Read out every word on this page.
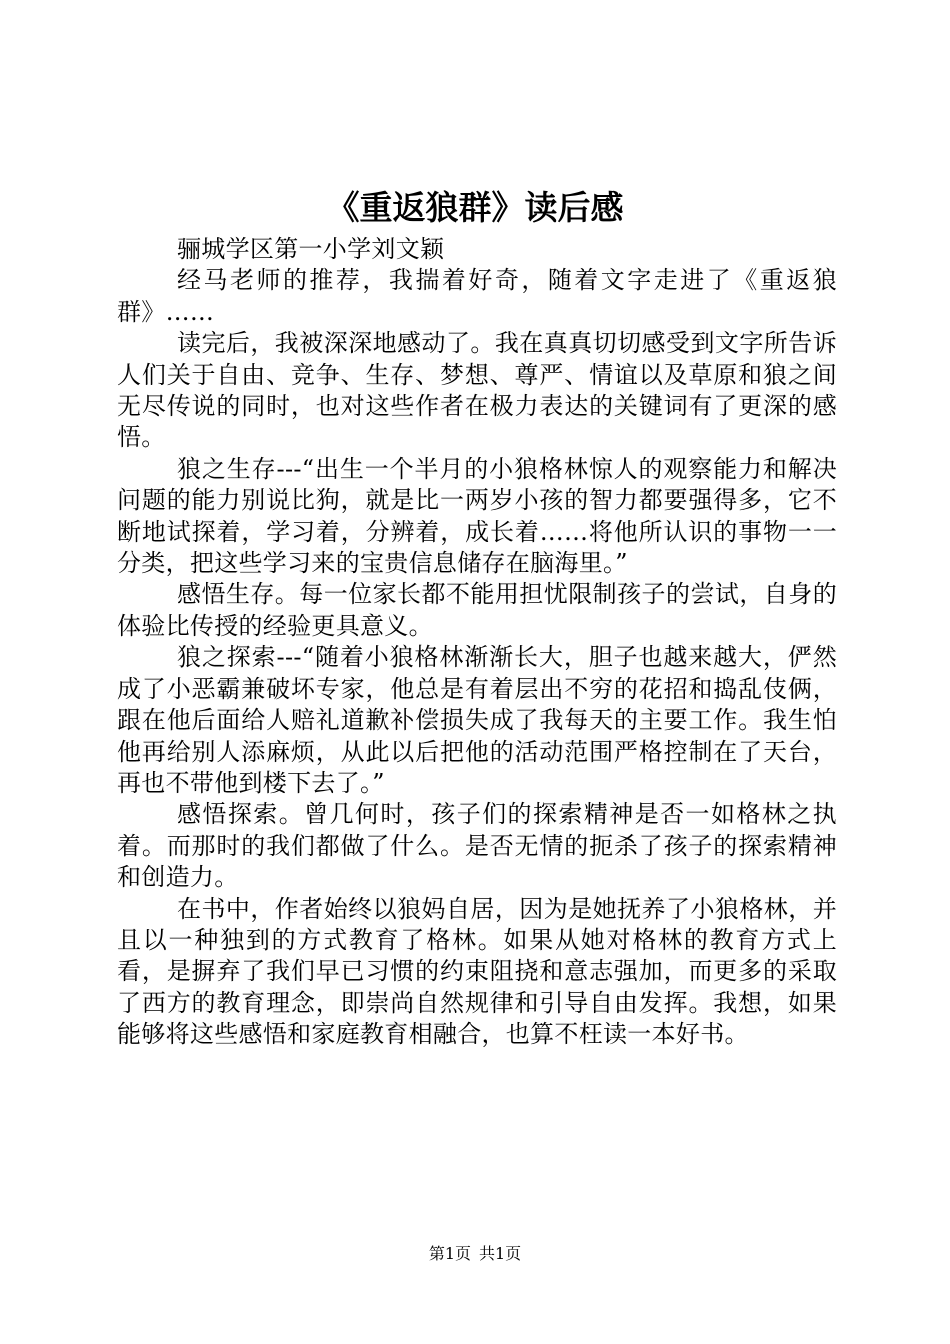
《重返狼群》读后感

骊城学区第一小学刘文颖

经马老师的推荐，我揣着好奇，随着文字走进了《重返狼群》……

读完后，我被深深地感动了。我在真真切切感受到文字所告诉人们关于自由、竞争、生存、梦想、尊严、情谊以及草原和狼之间无尽传说的同时，也对这些作者在极力表达的关键词有了更深的感悟。

狼之生存---“出生一个半月的小狼格林惊人的观察能力和解决问题的能力别说比狗，就是比一两岁小孩的智力都要强得多，它不断地试探着，学习着，分辨着，成长着……将他所认识的事物一一分类，把这些学习来的宝贵信息储存在脑海里。”

感悟生存。每一位家长都不能用担忧限制孩子的尝试，自身的体验比传授的经验更具意义。

狼之探索---“随着小狼格林渐渐长大，胆子也越来越大，俨然成了小恶霸兼破坏专家，他总是有着层出不穷的花招和捣乱伎俩，跟在他后面给人赔礼道歉补偿损失成了我每天的主要工作。我生怕他再给别人添麻烦，从此以后把他的活动范围严格控制在了天台，再也不带他到楼下去了。”

感悟探索。曾几何时，孩子们的探索精神是否一如格林之执着。而那时的我们都做了什么。是否无情的扼杀了孩子的探索精神和创造力。

在书中，作者始终以狼妈自居，因为是她抚养了小狼格林，并且以一种独到的方式教育了格林。如果从她对格林的教育方式上看，是摒弃了我们早已习惯的约束阻挠和意志强加，而更多的采取了西方的教育理念，即崇尚自然规律和引导自由发挥。我想，如果能够将这些感悟和家庭教育相融合，也算不枉读一本好书。

第1页 共1页
